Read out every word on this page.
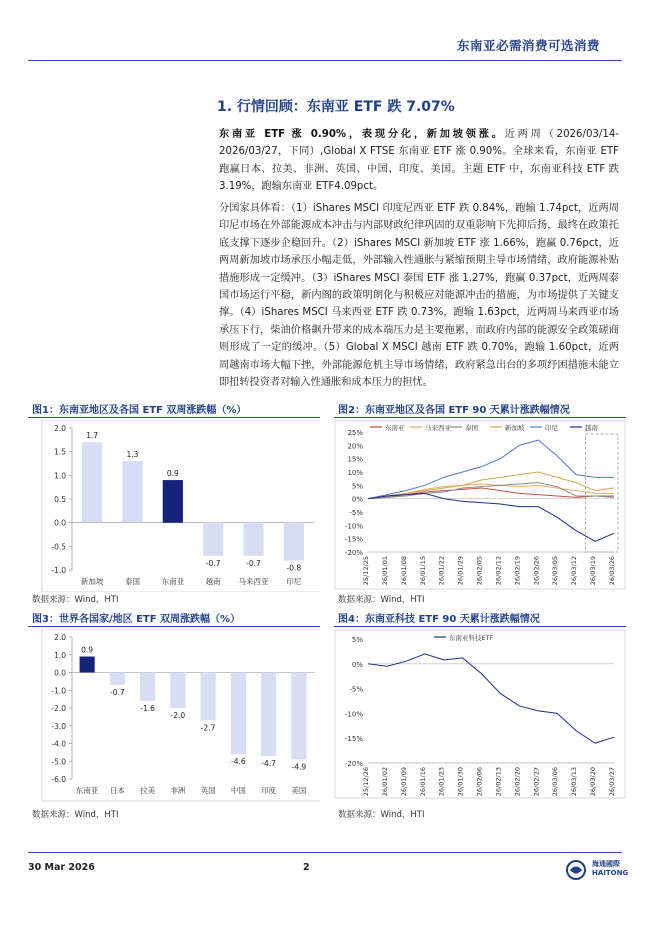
东南亚必需消费可选消费
1. 行情回顾：东南亚 ETF 跌 7.07%
东南亚 ETF 涨 0.90%，表现分化，新加坡领涨。近两周（2026/03/14-2026/03/27，下同）,Global X FTSE 东南亚 ETF 涨 0.90%。全球来看，东南亚 ETF 跑赢日本、拉美、非洲、英国、中国、印度、美国。主题 ETF 中，东南亚科技 ETF 跌 3.19%，跑输东南亚 ETF4.09pct。
分国家具体看：（1）iShares MSCI 印度尼西亚 ETF 跌 0.84%，跑输 1.74pct，近两周印尼市场在外部能源成本冲击与内部财政纪律巩固的双重影响下先抑后扬，最终在政策托底支撑下逐步企稳回升。（2）iShares MSCI 新加坡 ETF 涨 1.66%，跑赢 0.76pct，近两周新加坡市场承压小幅走低，外部输入性通胀与紧缩预期主导市场情绪，政府能源补贴措施形成一定缓冲。（3）iShares MSCI 泰国 ETF 涨 1.27%，跑赢 0.37pct，近两周泰国市场运行平稳，新内阁的政策明朗化与积极应对能源冲击的措施，为市场提供了关键支撑。（4）iShares MSCI 马来西亚 ETF 跌 0.73%，跑输 1.63pct，近两周马来西亚市场承压下行，柴油价格飙升带来的成本端压力是主要拖累，而政府内部的能源安全政策磋商则形成了一定的缓冲。（5）Global X MSCI 越南 ETF 跌 0.70%，跑输 1.60pct，近两周越南市场大幅下挫，外部能源危机主导市场情绪，政府紧急出台的多项纾困措施未能立即扭转投资者对输入性通胀和成本压力的担忧。
图1：东南亚地区及各国 ETF 双周涨跌幅（%）
2.0
1.5
1.0
0.5
0.0
-0.5
-1.0
1.7
新加坡
1.3
泰国
0.9
东南亚
-0.7
越南
-0.7
马来西亚
-0.8
印尼
数据来源：Wind，HTI
图2：东南亚地区及各国 ETF 90 天累计涨跌幅情况
25%
20%
15%
10%
5%
0%
-5%
-10%
-15%
-20%
25/12/25 26/01/01 26/01/08 26/01/15 26/01/22 26/01/29 26/02/05 26/02/12 26/02/19 26/02/26 26/03/05 26/03/12 26/03/19 26/03/26
东南亚	马来西亚 泰国	新加坡	印尼	越南
数据来源：Wind，HTI
图3：世界各国家/地区 ETF 双周涨跌幅（%）
2.0
1.0
0.0
-1.0
-2.0
-3.0
-4.0
-5.0
-6.0
0.9
东南亚
-0.7
日本
-1.6
拉美
-2.0
非洲
-2.7
英国
-4.6
中国
-4.7
印度
-4.9
美国
数据来源：Wind，HTI
图4：东南亚科技 ETF 90 天累计涨跌幅情况
5%
0%
-5%
-10%
-15%
-20%
25/12/26 26/01/02 26/01/09 26/01/16 26/01/23 26/01/30 26/02/06 26/02/13 26/02/20 26/02/27 26/03/06 26/03/13 26/03/20 26/03/27
东南亚科技ETF
数据来源：Wind，HTI
30 Mar 2026	2	海通國際
HAITONG
